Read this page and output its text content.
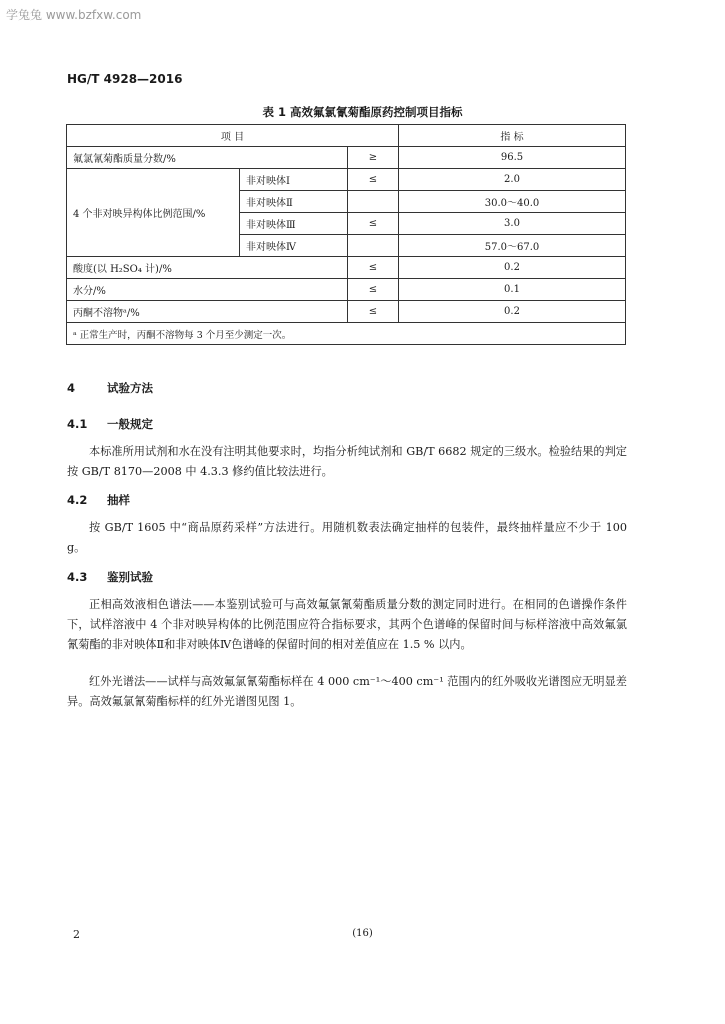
学兔兔 www.bzfxw.com
HG/T 4928—2016
表 1 高效氟氯氰菊酯原药控制项目指标
项 目			指 标
氟氯氰菊酯质量分数/%		≥	96.5
4 个非对映异构体比例范围/%	非对映体Ⅰ	≤	2.0
	非对映体Ⅱ		30.0～40.0
	非对映体Ⅲ	≤	3.0
	非对映体Ⅳ		57.0～67.0
酸度(以 H₂SO₄ 计)/%		≤	0.2
水分/%		≤	0.1
丙酮不溶物ᵃ/%		≤	0.2
ᵃ 正常生产时，丙酮不溶物每 3 个月至少测定一次。			
4	试验方法
4.1 一般规定

本标准所用试剂和水在没有注明其他要求时，均指分析纯试剂和 GB/T 6682 规定的三级水。检验结果的判定按 GB/T 8170—2008 中 4.3.3 修约值比较法进行。

4.2 抽样

按 GB/T 1605 中“商品原药采样”方法进行。用随机数表法确定抽样的包装件，最终抽样量应不少于 100 g。

4.3 鉴别试验

正相高效液相色谱法——本鉴别试验可与高效氟氯氰菊酯质量分数的测定同时进行。在相同的色谱操作条件下，试样溶液中 4 个非对映异构体的比例范围应符合指标要求，其两个色谱峰的保留时间与标样溶液中高效氟氯氰菊酯的非对映体Ⅱ和非对映体Ⅳ色谱峰的保留时间的相对差值应在 1.5 % 以内。

红外光谱法——试样与高效氟氯氰菊酯标样在 4 000 cm⁻¹～400 cm⁻¹ 范围内的红外吸收光谱图应无明显差异。高效氟氯氰菊酯标样的红外光谱图见图 1。

2	(16)
